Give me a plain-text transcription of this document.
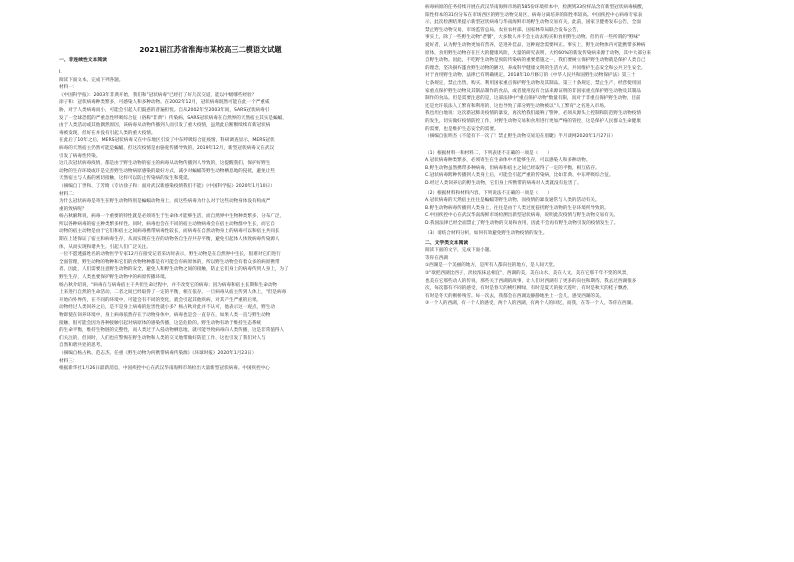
2021届江苏省淮海市某校高三二模语文试题
一、非连续性文本阅读
I.
阅读下面文本，完成下列各题。
材料一：
《中国科学报》：2003年非典开始，我们和"冠状病毒"已经打了好几次交道，能以中级哪些经验？
徐子和：冠状病毒种类繁多，可感染人和多种动物。在2002年12月，冠状病毒既然可能在此一个严重威
胁，对于人类病毒而小，可能会引起人们鼓惑的普遍担忧。自从2002年至2003年间，SARS冠状病毒引
发了一全球恐慌的严重急性呼吸综合征（俗称"非典"）传染病。SARS冠状病毒在自然界的天然宿主其实是蝙蝠，
由于人类活动或其他偶然原因，该病毒从动物传播到人而引发了重大疫情，虽然此后断断续续有新冠状病
毒被发现，但好在并没有引起人类的重大疫情。
在此后了10年之后，MERS冠状病毒又在中东地区引发了中东呼吸综合征疫情，科研调查显示，MERS冠状
病毒的天然宿主仍然可能是蝙蝠，但这次疫情是由骆驼传播导致的。2019年12月，新型冠状病毒又在武汉
引发了病毒性传染。
这几次冠状病毒疫情，都是由于野生动物的宿主的病毒从动物传播到人导致的，这提醒我们，保护好野生
动物的生存环境或许是完善野生动物病原感染的最好方式，减少对蝙蝠等野生动物栖息地的侵扰，避免让些
天然宿主与人畜的密切接触，这样可以防止传染病的发生和蔓延。
（摘编自丁世和、丁芳绮《专访徐子和：面对武汉新感染疫情我们不能》《中国科学报》2020年1月10日）
材料二：
为什么冠状病毒是寄生在野生动物特别是蝙蝠动物身上，而这些病毒为什么对于这些动物身体没有构成严
重的致病呢？
杨占秋解释说，病毒一个重要的特性就是必须寄生于生命体才能够生活，而自然界中生物种类繁多，分布广泛，
所以各种病毒的宿主种类繁多样性。同时，病毒也会在不同的宿主动物病毒会在宿主动物群中生长，而它自
动物的宿主动物是由于它们和宿主之间病毒携带病毒性较长，而病毒在自然动物身上的病毒可以和宿主共同长
期在上述保证了宿主和病毒生存，从而实现在生存的动物各自生存共存平衡，避免引起体人体致病毒传染源人
体，从而实现和谐共生。引起人们广泛关注。
一位不愿透露姓名的动物医学专家12月在接受记者采访时表示，野生动物是在自然界中生长，很难对它们进行
全面管理，野生动物的物种和它们的食物物种都是有可能会有病原体的，所以野生动物会有着众多的病原携带
者。因此，人们需要注意野生动物的安全，避免人和野生动物之间的接触，防止它们身上的病毒传到人身上，为了
野生生存，人类也要保护野生动物中的病原传播环境。
杨占秋介绍说，"病毒在与病毒宿主干共担生命过程中，并不改变它的病毒；因为病毒和宿主长期和生命动物
上来进行自然的生命活动，二者之间已经取得了一定的平衡，相互依存。一旦病毒从宿主传到人体上，"但是病毒
开始向外界传，在不同的环境中，可能会有不同的变化，就会引起其他疾病，对其产生严重的后果。
动物经过人类饲养之后，是不是身上病毒的危害性就小多？杨占秋对此并不认可，他表示这一观点，野生动
物即使在饲养环境中，身上病毒依然存在于动物身体中，病毒也是会一直存在，如果人类一直与野生动物
接触，很可能会因为各种接触引起对病原体的感染传播，这是危险的。野生动物有助于维持生态系统
的生命平衡，维持生物链的完整性，而人类过于入侵动物栖息地，就可能导致病毒向人类传播，这是非常值得人
们关注的，但同时，人们也应警惕在野生动物和人类的交叉地带做好防范工作，这也引发了我们对人与
自然和谐共处的思考。
（摘编自杨占秋、范志杰、任重《野生动物为何携带病毒传染源》《环球时报》2020年1月23日）
材料三：
根据新华社1月26日最新消息，中国疾控中心在武汉华南海鲜市场检出大量新型冠状病毒。中国疾控中心
病毒病原的任务持续开展在武汉华南海鲜市场的585份环境样本中，检测到33份样品含有新型冠状病毒核酸，
阳性样本的31份分布在市场西区的野生动物交易区，病毒分离培养的阳性率较高。中国疾控中心病毒专家表
示，此次检测结果提示新型冠状病毒与华南海鲜市场野生动物交易有关，此前，国家卫健委发布公告，全面
禁止野生动物交易，市场监管总局、农业农村部、国家林草局联合发布公告，
事实上，除了一些野生动物"老饕"，大多数人并不会主动去购买和食用野生动物。但仍有一些所谓的"野味"
爱好者，认为野生动物更加有营养，是进补佳品，这种观念需要纠正。事实上，野生动物体内可能携带多种病
原体，食用野生动物存在巨大的健康风险，大量的研究表明，大约60%的新发传染病来源于动物，其中大部分来
自野生动物。因此，不吃野生动物是预防传染病的重要措施之一，我们要树立保护野生动物就是保护人类自己
的理念，坚决摒弃滥食野生动物的陋习，养成科学健康文明的生活方式，共同维护生态安全和公共卫生安全。
对于食用野生动物，法律已有明确规定。2018年10月修订的《中华人民共和国野生动物保护法》第三十
七条规定，禁止出售、购买、利用国家重点保护野生动物及其制品。第三十条规定，禁止生产、经营使用国
家重点保护野生动物及其制品制作的食品，或者使用没有合法来源证明的非国家重点保护野生动物及其制品
制作的食品。但是需要注意的是，这部法律中"重点保护动物"数量有限，而对于非重点保护野生动物，目前
还是允许依法人工繁育和利用的，这也导致了部分野生动物被以"人工繁育"之名进入市场。
我也坦白地说：这次新冠肺炎疫情的暴发，再次给我们敲响了警钟，必须从源头上控制和防范野生动物疫情
的发生，切实做好疫情防控工作，对野生动物交易和食用进行更加严格的管控，这是保护人民群众生命健康
的需要，也是维护生态安全的需要。
（摘编自张明杰《不能有下一次了！禁止野生动物交易迫在眉睫》半月谈网2020年1月27日）
（1）根据材料一和材料二，下列表述不正确的一项是（　　）
A.冠状病毒种类繁多，必须寄生在生命体中才能够生存，可以感染人和多种动物。
B.野生动物虽然携带多种病毒，但病毒和宿主之间已经取得了一定的平衡，相互依存。
C.冠状病毒跨种传播到人类身上后，可能会引起严重的传染病，比如非典、中东呼吸综合征。
D.经过人类饲养后的野生动物，它们身上所携带的病毒对人类就没有危害了。
（2）根据材料和材料内容，下列说法不正确的一项是（　　）
A.冠状病毒的天然宿主往往是蝙蝠等野生动物，而疫情的暴发通常与人类的活动有关。
B.野生动物病毒传播到人类身上，往往是由于人类过度侵扰野生动物的生存环境所导致的。
C.中国疾控中心在武汉华南海鲜市场检测出新型冠状病毒，说明此次疫情与野生动物交易有关。
D.我国法律已经全面禁止了野生动物的交易和食用，因此不会再有野生动物引发的疫情发生了。
（3）请结合材料分析，如何有效避免野生动物疫情的发生。
二、文学类文本阅读
阅读下面的文字，完成下面小题。
等你在西湖
①西湖是一个美丽的地方，是所有人都向往的地方，是人间天堂。
②"欲把西湖比西子，淡妆浓抹总相宜"，西湖的美，美在山水，美在人文，美在它那千年不变的风景，
也美在它那些动人的传说，那些关于西湖的故事，让人们对西湖有了更多的向往和期待。我去过西湖很多
次，每次都有不同的感受，有时是春天的桃红柳绿，有时是夏天的接天莲叶，有时是秋天的桂子飘香，
有时是冬天的断桥残雪。每一次去，我都会在西湖边静静地坐上一会儿，感受西湖的美。
③一个人的西湖，有一个人的感受，两个人的西湖，有两个人的回忆，而我，在等一个人，等你在西湖。
